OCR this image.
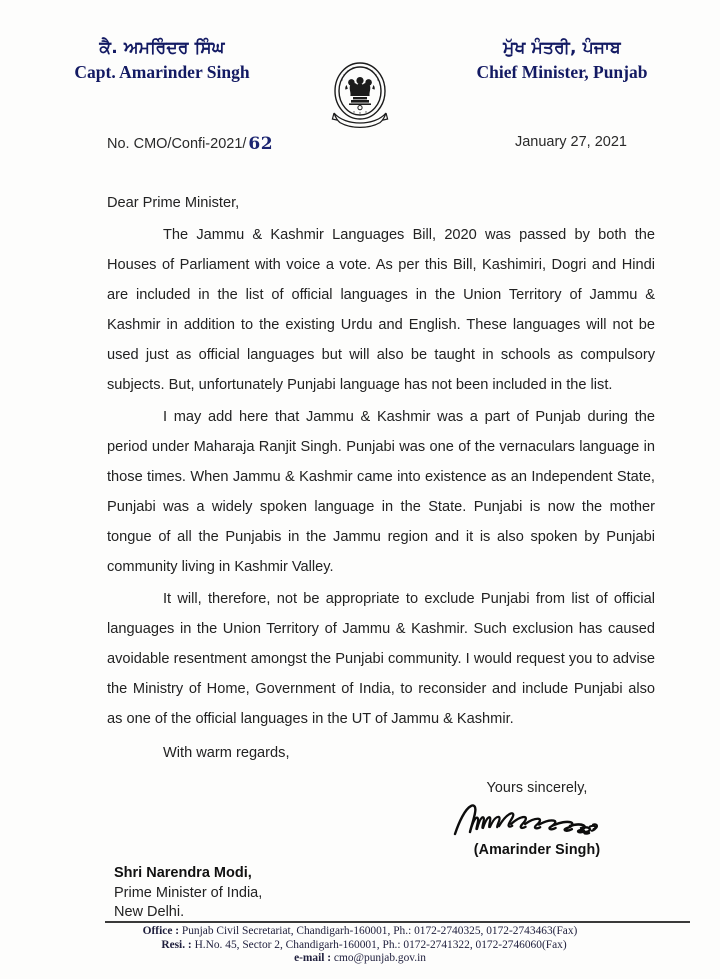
ਕੈ. ਅਮਰਿੰਦਰ ਸਿੰਘ
Capt. Amarinder Singh
ਮੁੱਖ ਮੰਤਰੀ, ਪੰਜਾਬ
Chief Minister, Punjab
No. CMO/Confi-2021/ 62	January 27, 2021

Dear Prime Minister,

The Jammu & Kashmir Languages Bill, 2020 was passed by both the Houses of Parliament with voice a vote. As per this Bill, Kashimiri, Dogri and Hindi are included in the list of official languages in the Union Territory of Jammu & Kashmir in addition to the existing Urdu and English. These languages will not be used just as official languages but will also be taught in schools as compulsory subjects. But, unfortunately Punjabi language has not been included in the list.

I may add here that Jammu & Kashmir was a part of Punjab during the period under Maharaja Ranjit Singh. Punjabi was one of the vernaculars language in those times. When Jammu & Kashmir came into existence as an Independent State, Punjabi was a widely spoken language in the State. Punjabi is now the mother tongue of all the Punjabis in the Jammu region and it is also spoken by Punjabi community living in Kashmir Valley.

It will, therefore, not be appropriate to exclude Punjabi from list of official languages in the Union Territory of Jammu & Kashmir. Such exclusion has caused avoidable resentment amongst the Punjabi community. I would request you to advise the Ministry of Home, Government of India, to reconsider and include Punjabi also as one of the official languages in the UT of Jammu & Kashmir.

With warm regards,

Yours sincerely,
(Amarinder Singh)
Shri Narendra Modi,
Prime Minister of India,
New Delhi.
Office : Punjab Civil Secretariat, Chandigarh-160001, Ph.: 0172-2740325, 0172-2743463(Fax)
Resi. : H.No. 45, Sector 2, Chandigarh-160001, Ph.: 0172-2741322, 0172-2746060(Fax)
e-mail : cmo@punjab.gov.in
